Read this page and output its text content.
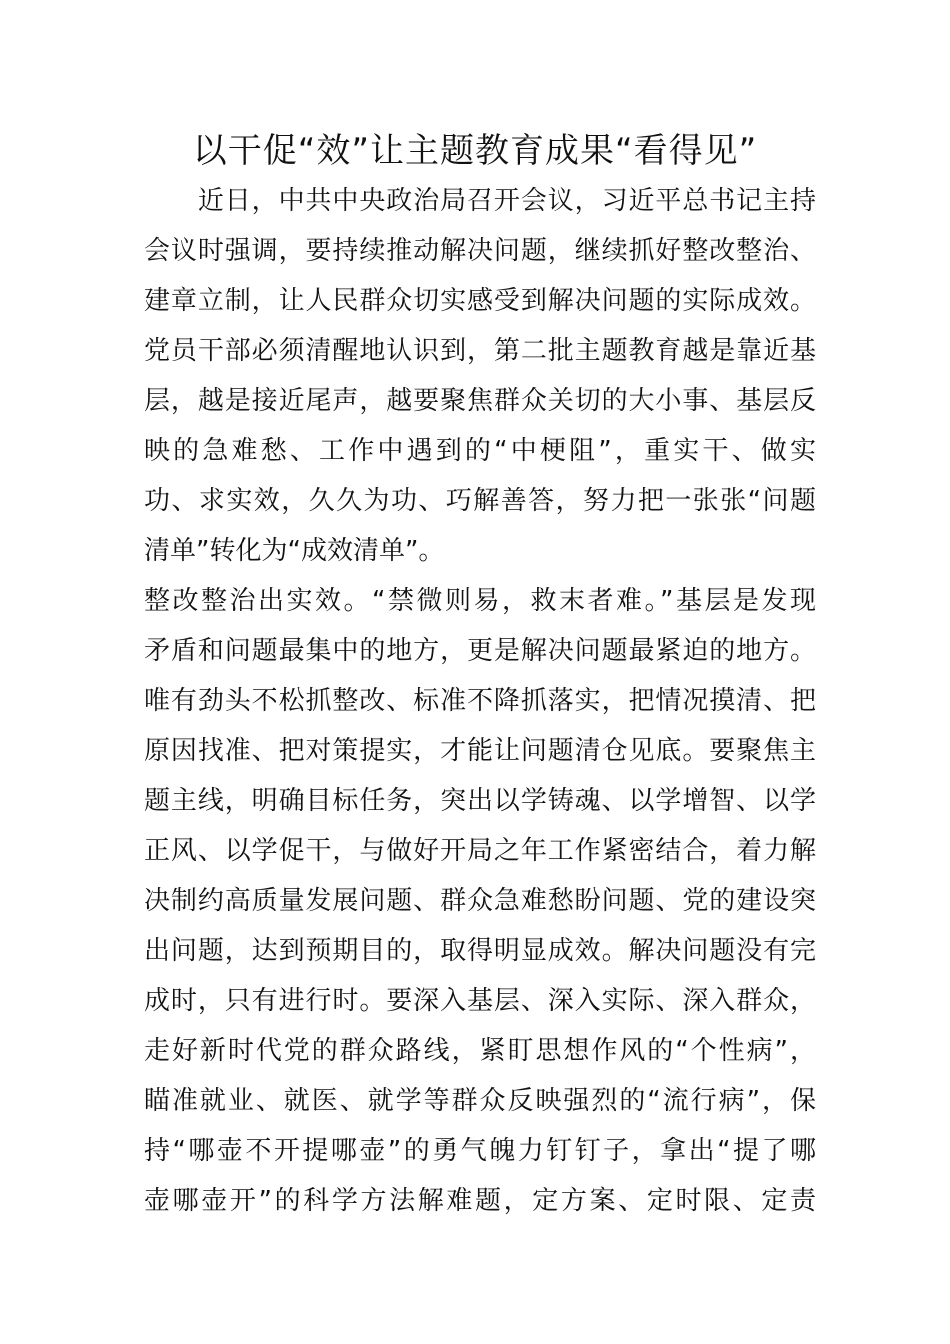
以干促“效”让主题教育成果“看得见”
　　近日，中共中央政治局召开会议，习近平总书记主持
会议时强调，要持续推动解决问题，继续抓好整改整治、
建章立制，让人民群众切实感受到解决问题的实际成效。
党员干部必须清醒地认识到，第二批主题教育越是靠近基
层，越是接近尾声，越要聚焦群众关切的大小事、基层反
映的急难愁、工作中遇到的“中梗阻”，重实干、做实
功、求实效，久久为功、巧解善答，努力把一张张“问题
清单”转化为“成效清单”。
整改整治出实效。“禁微则易，救末者难。”基层是发现
矛盾和问题最集中的地方，更是解决问题最紧迫的地方。
唯有劲头不松抓整改、标准不降抓落实，把情况摸清、把
原因找准、把对策提实，才能让问题清仓见底。要聚焦主
题主线，明确目标任务，突出以学铸魂、以学增智、以学
正风、以学促干，与做好开局之年工作紧密结合，着力解
决制约高质量发展问题、群众急难愁盼问题、党的建设突
出问题，达到预期目的，取得明显成效。解决问题没有完
成时，只有进行时。要深入基层、深入实际、深入群众，
走好新时代党的群众路线，紧盯思想作风的“个性病”，
瞄准就业、就医、就学等群众反映强烈的“流行病”，保
持“哪壶不开提哪壶”的勇气魄力钉钉子，拿出“提了哪
壶哪壶开”的科学方法解难题，定方案、定时限、定责
